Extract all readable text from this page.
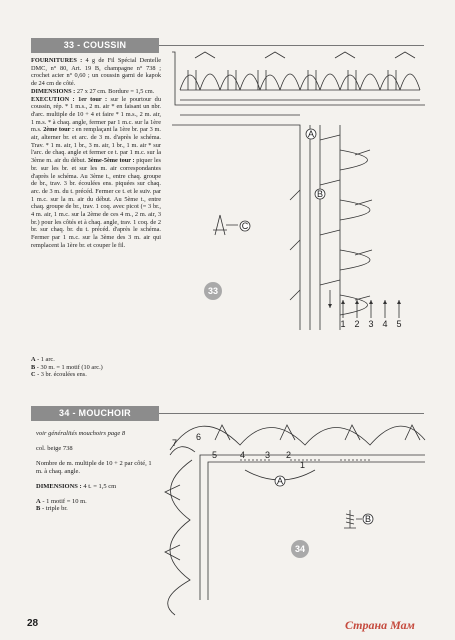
33 - COUSSIN

FOURNITURES : 4 g de Fil Spécial Dentelle DMC, n° 80, Art. 19 B, champagne n° 738 ; crochet acier n° 0,60 ; un coussin garni de kapok de 24 cm de côté.

DIMENSIONS : 27 x 27 cm. Bordure = 1,5 cm.

EXECUTION : 1er tour : sur le pourtour du coussin, rép. * 1 m.s., 2 m. air * en faisant un nbr. d'arc. multiple de 10 + 4 et faire * 1 m.s., 2 m. air, 1 m.s. * à chaq. angle, fermer par 1 m.c. sur la 1ère m.s. 2ème tour : en remplaçant la 1ère br. par 3 m. air, alterner br. et arc. de 3 m. d'après le schéma. Trav. * 1 m. air, 1 br., 3 m. air, 1 br., 1 m. air * sur l'arc. de chaq. angle et fermer ce t. par 1 m.c. sur la 3ème m. air du début. 3ème-5ème tour : piquer les br. sur les br. et sur les m. air correspondantes d'après le schéma. Au 3ème t., entre chaq. groupe de br., trav. 3 br. écoulées ens. piquées sur chaq. arc. de 3 m. du t. précéd. Fermer ce t. et le suiv. par 1 m.c. sur la m. air du début. Au 5ème t., entre chaq. groupe de br., trav. 1 coq. avec picot (= 3 br., 4 m. air, 1 m.c. sur la 2ème de ces 4 m., 2 m. air, 3 br.) pour les côtés et à chaq. angle, trav. 1 coq. de 2 br. sur chaq. br. du t. précéd. d'après le schéma. Fermer par 1 m.c. sur la 3ème des 3 m. air qui remplacent la 1ère br. et couper le fil.

A - 1 arc.
B - 30 m. = 1 motif (10 arc.)
C - 3 br. écoulées ens.
34 - MOUCHOIR

voir généralités mouchoirs page 8

col. beige 738

Nombre de m. multiple de 10 + 2 par côté, 1 m. à chaq. angle.

DIMENSIONS : 4 t. = 1,5 cm

A - 1 motif = 10 m.
B - triple br.
A
B
C
33
1 2 3 4 5
A
B
34
7
6
5	4 3 2
1
28	Страна Мам
